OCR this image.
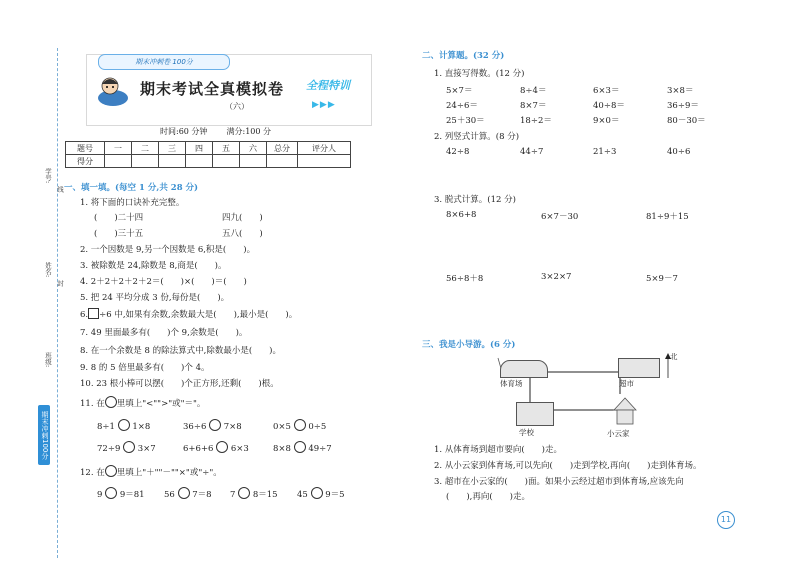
学号:
姓名:
班级:
线
封
期末冲刺100分
期末冲刺卷 100分
期末考试全真模拟卷
（六）
全程特训
▶▶▶
时间:60 分钟 满分:100 分
题号	一	二	三	四	五	六	总分	评分人
得分								
一、填一填。(每空 1 分,共 28 分)
1. 将下面的口诀补充完整。
(　　)二十四	四九(　　)
(　　)三十五	五八(　　)
2. 一个因数是 9,另一个因数是 6,积是(　　)。
3. 被除数是 24,除数是 8,商是(　　)。
4. 2＋2＋2＋2＋2＝(　　)×(　　)＝(　　)
5. 把 24 平均分成 3 份,每份是(　　)。
6. ÷6 中,如果有余数,余数最大是(　　),最小是(　　)。
7. 49 里面最多有(　　)个 9,余数是(　　)。
8. 在一个余数是 8 的除法算式中,除数最小是(　　)。
9. 8 的 5 倍里最多有(　　)个 4。
10. 23 根小棒可以摆(　　)个正方形,还剩(　　)根。
11. 在 里填上"<"">"或"＝"。
8÷1 1×8	36÷6 7×8	0×5 0÷5
72÷9 3×7	6+6+6 6×3	8×8 49÷7
12. 在 里填上"＋""－""×"或"÷"。
9 9＝81 56 7＝8 7 8＝15 45 9＝5
二、计算题。(32 分)
1. 直接写得数。(12 分)
5×7＝	8÷4＝	6×3＝	3×8＝
24÷6＝	8×7＝	40÷8＝	36÷9＝
25＋30＝	18÷2＝	9×0＝	80－30＝
2. 列竖式计算。(8 分)
42÷8	44÷7	21÷3	40÷6
3. 脱式计算。(12 分)
8×6+8	6×7－30	81÷9＋15
56÷8＋8	3×2×7	5×9－7
三、我是小导游。(6 分)
北
体育场	超市
学校	小云家
1. 从体育场到超市要向(　　)走。
2. 从小云家到体育场,可以先向(　　)走到学校,再向(　　)走到体育场。
3. 超市在小云家的(　　)面。如果小云经过超市到体育场,应该先向
(　　),再向(　　)走。
11
